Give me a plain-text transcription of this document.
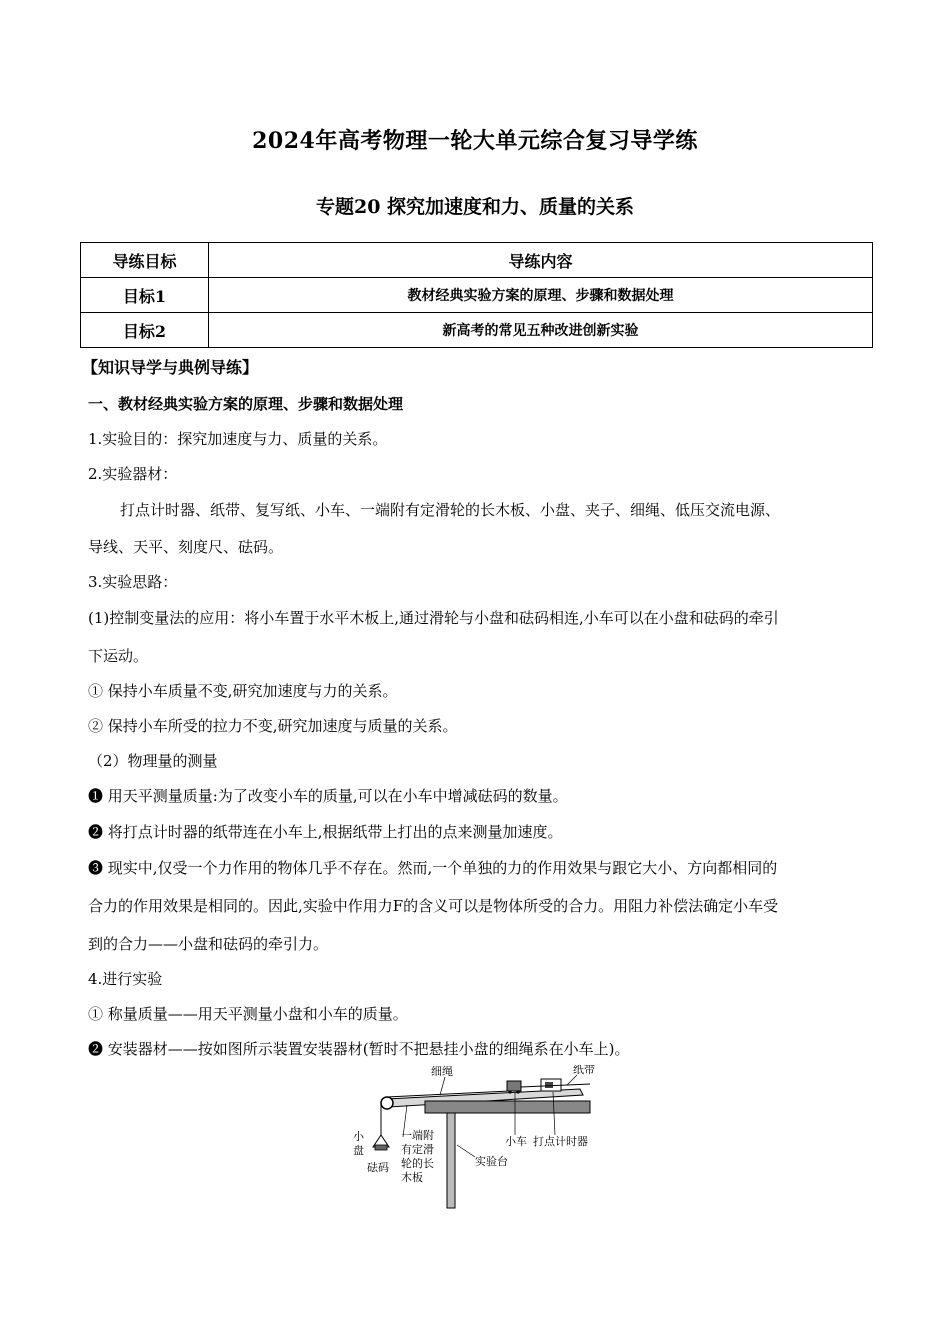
2024年高考物理一轮大单元综合复习导学练
专题20 探究加速度和力、质量的关系
导练目标	导练内容
目标1	教材经典实验方案的原理、步骤和数据处理
目标2	新高考的常见五种改进创新实验
【知识导学与典例导练】
一、教材经典实验方案的原理、步骤和数据处理
1.实验目的：探究加速度与力、质量的关系。
2.实验器材：
打点计时器、纸带、复写纸、小车、一端附有定滑轮的长木板、小盘、夹子、细绳、低压交流电源、
导线、天平、刻度尺、砝码。
3.实验思路：
(1)控制变量法的应用：将小车置于水平木板上,通过滑轮与小盘和砝码相连,小车可以在小盘和砝码的牵引
下运动。
① 保持小车质量不变,研究加速度与力的关系。
② 保持小车所受的拉力不变,研究加速度与质量的关系。
（2）物理量的测量
❶ 用天平测量质量:为了改变小车的质量,可以在小车中增减砝码的数量。
❷ 将打点计时器的纸带连在小车上,根据纸带上打出的点来测量加速度。
❸ 现实中,仅受一个力作用的物体几乎不存在。然而,一个单独的力的作用效果与跟它大小、方向都相同的
合力的作用效果是相同的。因此,实验中作用力F的含义可以是物体所受的合力。用阻力补偿法确定小车受
到的合力——小盘和砝码的牵引力。
4.进行实验
① 称量质量——用天平测量小盘和小车的质量。
❷ 安装器材——按如图所示装置安装器材(暂时不把悬挂小盘的细绳系在小车上)。
细绳	纸带
小
盘
砝码
一端附
有定滑
轮的长
木板
小车 打点计时器
实验台
